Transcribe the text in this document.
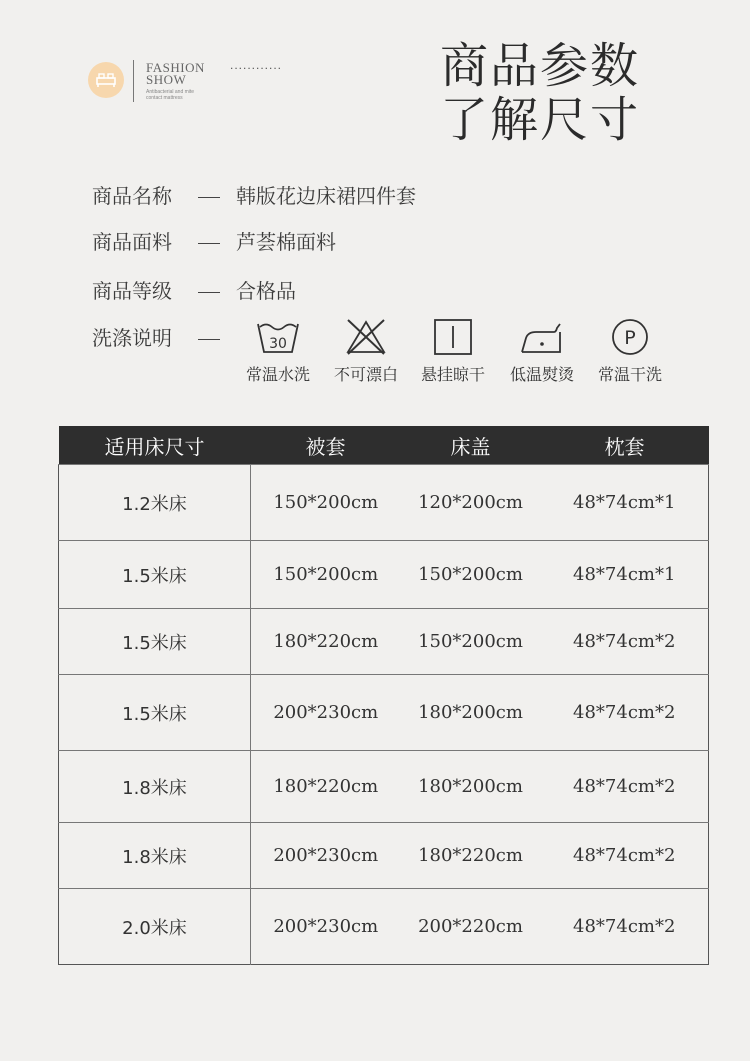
FASHION
SHOW
Antibacterial and mite
contact mattress
............	商品参数
了解尺寸
商品名称	韩版花边床裙四件套
商品面料	芦荟棉面料
商品等级	合格品
洗涤说明	30
常温水洗	不可漂白	悬挂晾干	低温熨烫
P
常温干洗
适用床尺寸	被套	床盖	枕套
1.2米床	150*200cm	120*200cm	48*74cm*1
1.5米床	150*200cm	150*200cm	48*74cm*1
1.5米床	180*220cm	150*200cm	48*74cm*2
1.5米床	200*230cm	180*200cm	48*74cm*2
1.8米床	180*220cm	180*200cm	48*74cm*2
1.8米床	200*230cm	180*220cm	48*74cm*2
2.0米床	200*230cm	200*220cm	48*74cm*2
